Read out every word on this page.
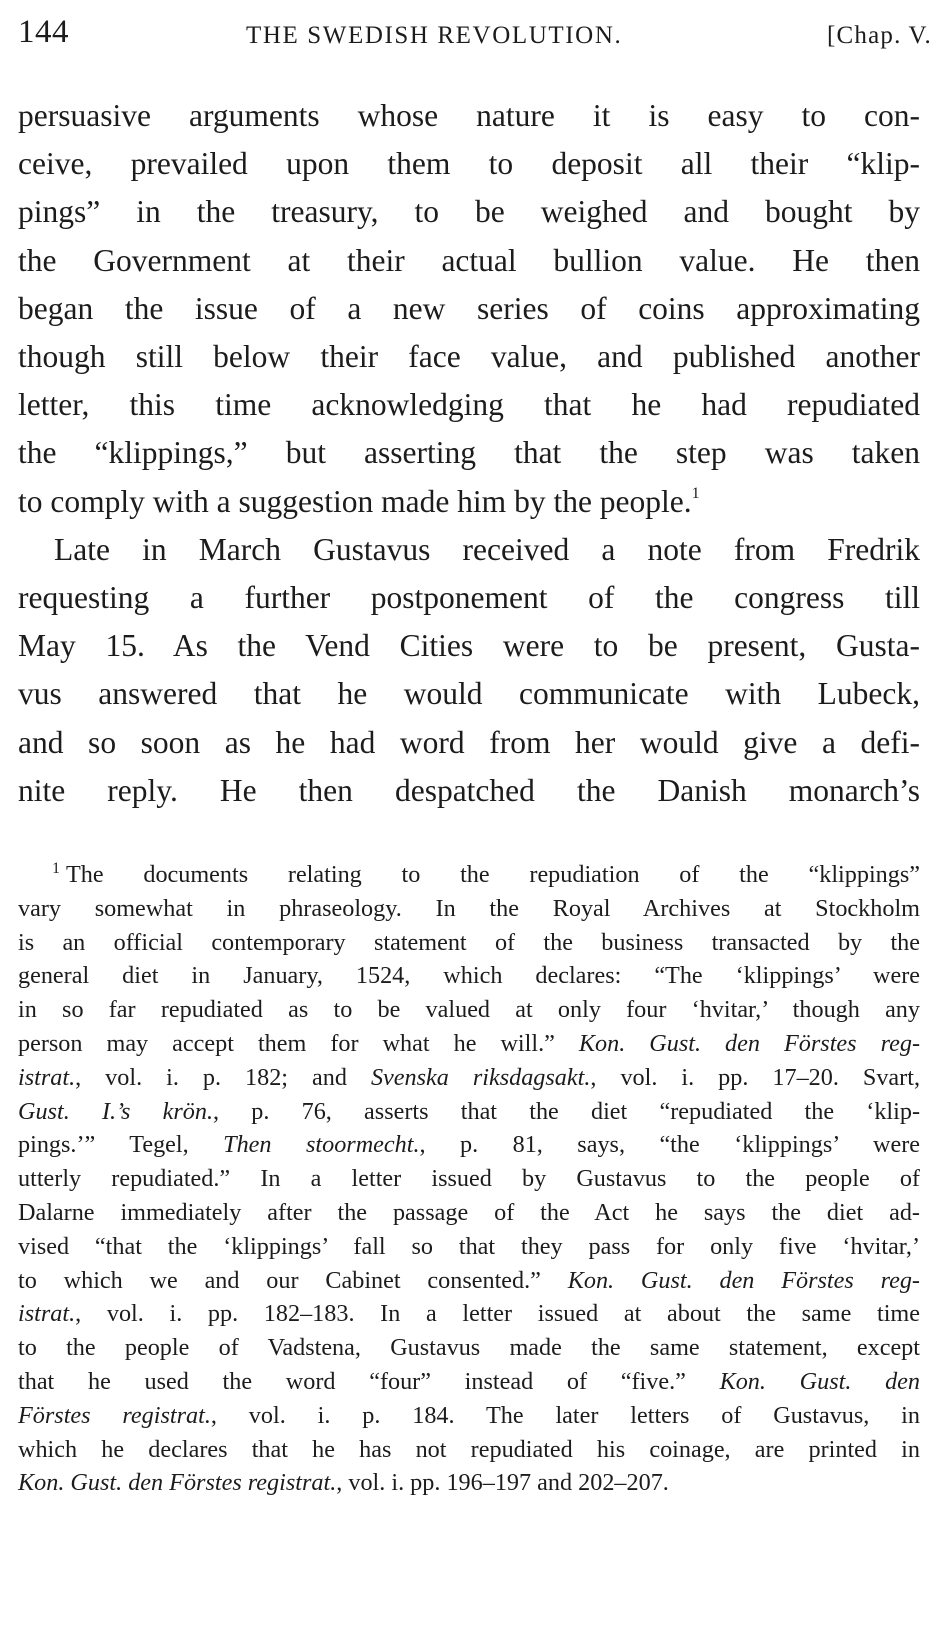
144	THE SWEDISH REVOLUTION.	[Chap. V.

persuasive arguments whose nature it is easy to con-
ceive, prevailed upon them to deposit all their “klip-
pings” in the treasury, to be weighed and bought by
the Government at their actual bullion value. He then
began the issue of a new series of coins approximating
though still below their face value, and published another
letter, this time acknowledging that he had repudiated
the “klippings,” but asserting that the step was taken
to comply with a suggestion made him by the people.$^1$

Late in March Gustavus received a note from Fredrik
requesting a further postponement of the congress till
May 15. As the Vend Cities were to be present, Gusta-
vus answered that he would communicate with Lubeck,
and so soon as he had word from her would give a defi-
nite reply. He then despatched the Danish monarch’s

$^1$ The documents relating to the repudiation of the “klippings”
vary somewhat in phraseology. In the Royal Archives at Stockholm
is an official contemporary statement of the business transacted by the
general diet in January, 1524, which declares: “The ‘klippings’ were
in so far repudiated as to be valued at only four ‘hvitar,’ though any
person may accept them for what he will.” Kon. Gust. den Förstes reg-
istrat., vol. i. p. 182; and Svenska riksdagsakt., vol. i. pp. 17–20. Svart,
Gust. I.’s krön., p. 76, asserts that the diet “repudiated the ‘klip-
pings.’” Tegel, Then stoormecht., p. 81, says, “the ‘klippings’ were
utterly repudiated.” In a letter issued by Gustavus to the people of
Dalarne immediately after the passage of the Act he says the diet ad-
vised “that the ‘klippings’ fall so that they pass for only five ‘hvitar,’
to which we and our Cabinet consented.” Kon. Gust. den Förstes reg-
istrat., vol. i. pp. 182–183. In a letter issued at about the same time
to the people of Vadstena, Gustavus made the same statement, except
that he used the word “four” instead of “five.” Kon. Gust. den
Förstes registrat., vol. i. p. 184. The later letters of Gustavus, in
which he declares that he has not repudiated his coinage, are printed in
Kon. Gust. den Förstes registrat., vol. i. pp. 196–197 and 202–207.
